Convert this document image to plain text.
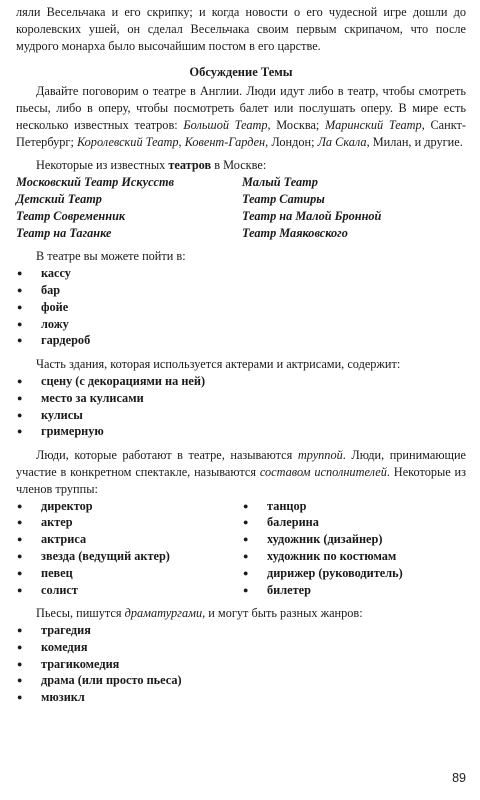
ляли Весельчака и его скрипку; и когда новости о его чудесной игре дошли до королевских ушей, он сделал Весельчака своим первым скрипачом, что после мудрого монарха было высочайшим постом в его царстве.

Обсуждение Темы

Давайте поговорим о театре в Англии. Люди идут либо в театр, чтобы смотреть пьесы, либо в оперу, чтобы посмотреть балет или послушать оперу. В мире есть несколько известных театров: Большой Театр, Москва; Маринский Театр, Санкт-Петербург; Королевский Театр, Ковент-Гарден, Лондон; Ла Скала, Милан, и другие.

Некоторые из известных театров в Москве:

Московский Театр Искусств	Малый Театр
Детский Театр	Театр Сатиры
Театр Современник	Театр на Малой Бронной
Театр на Таганке	Театр Маяковского

В театре вы можете пойти в:

● кассу
● бар
● фойе
● ложу
● гардероб

Часть здания, которая используется актерами и актрисами, содержит:

● сцену (с декорациями на ней)
● место за кулисами
● кулисы
● гримерную

Люди, которые работают в театре, называются труппой. Люди, принимающие участие в конкретном спектакле, называются составом исполнителей. Некоторые из членов труппы:

● директор
● актер
● актриса
● звезда (ведущий актер)
● певец
● солист
● танцор
● балерина
● художник (дизайнер)
● художник по костюмам
● дирижер (руководитель)
● билетер

Пьесы, пишутся драматургами, и могут быть разных жанров:

● трагедия
● комедия
● трагикомедия
● драма (или просто пьеса)
● мюзикл
89
